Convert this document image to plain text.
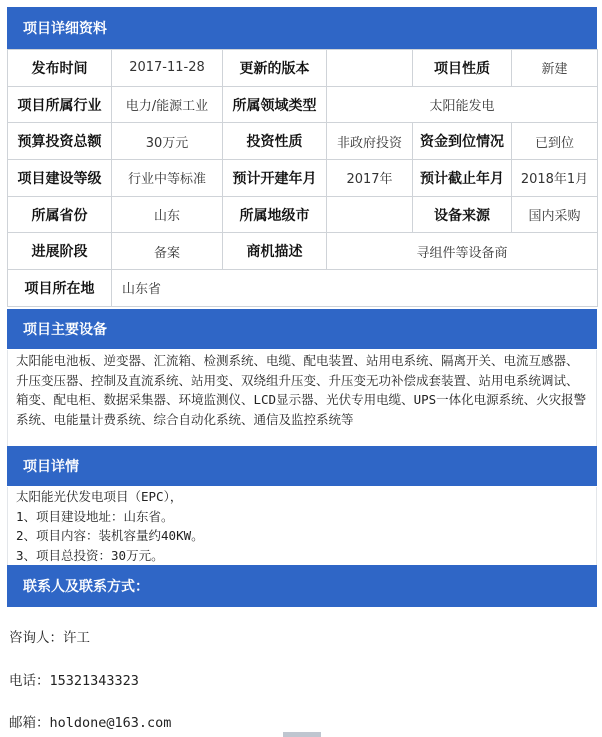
项目详细资料
发布时间	2017-11-28	更新的版本		项目性质	新建
项目所属行业	电力/能源工业	所属领域类型	太阳能发电		
预算投资总额	30万元	投资性质	非政府投资	资金到位情况	已到位
项目建设等级	行业中等标准	预计开建年月	2017年	预计截止年月	2018年1月
所属省份	山东	所属地级市		设备来源	国内采购
进展阶段	备案	商机描述	寻组件等设备商		
项目所在地	山东省				
项目主要设备
太阳能电池板、逆变器、汇流箱、检测系统、电缆、配电装置、站用电系统、隔离开关、电流互感器、升压变压器、控制及直流系统、站用变、双绕组升压变、升压变无功补偿成套装置、站用电系统调试、箱变、配电柜、数据采集器、环境监测仪、LCD显示器、光伏专用电缆、UPS一体化电源系统、火灾报警系统、电能量计费系统、综合自动化系统、通信及监控系统等
项目详情
太阳能光伏发电项目（EPC），
1、项目建设地址：山东省。
2、项目内容：装机容量约40KW。
3、项目总投资：30万元。
联系人及联系方式：
咨询人：许工
电话：15321343323
邮箱：holdone@163.com
